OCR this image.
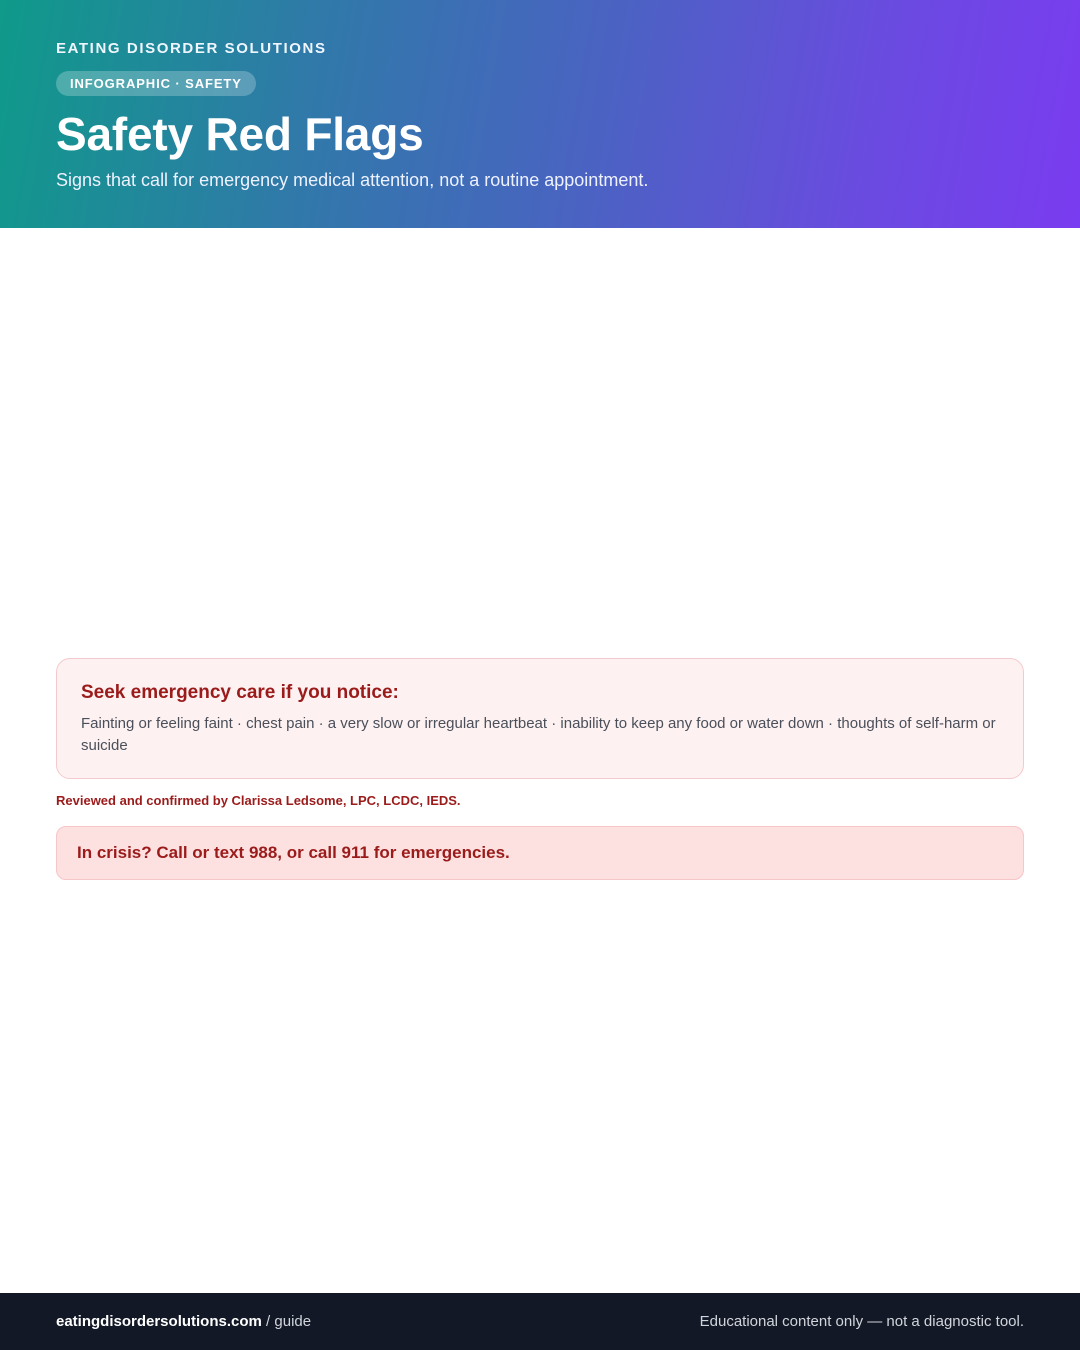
EATING DISORDER SOLUTIONS
INFOGRAPHIC · SAFETY
Safety Red Flags

Signs that call for emergency medical attention, not a routine appointment.

Seek emergency care if you notice:

Fainting or feeling faint · chest pain · a very slow or irregular heartbeat · inability to keep any food or water down · thoughts of self-harm or suicide

Reviewed and confirmed by Clarissa Ledsome, LPC, LCDC, IEDS.

In crisis? Call or text 988, or call 911 for emergencies.
eatingdisordersolutions.com / guide	Educational content only — not a diagnostic tool.
